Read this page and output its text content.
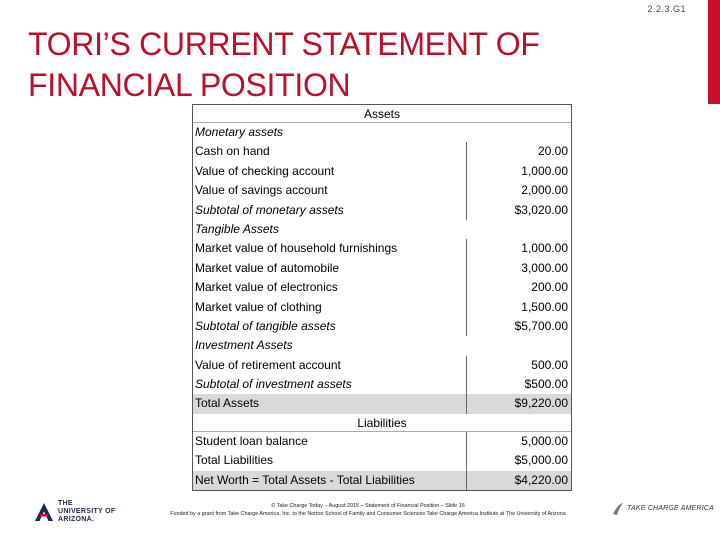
2.2.3.G1
TORI’S CURRENT STATEMENT OF FINANCIAL POSITION
Assets
Monetary assets
Cash on hand	20.00
Value of checking account	1,000.00
Value of savings account	2,000.00
Subtotal of monetary assets	$3,020.00
Tangible Assets
Market value of household furnishings	1,000.00
Market value of automobile	3,000.00
Market value of electronics	200.00
Market value of clothing	1,500.00
Subtotal of tangible assets	$5,700.00
Investment Assets
Value of retirement account	500.00
Subtotal of investment assets	$500.00
Total Assets	$9,220.00
Liabilities
Student loan balance	5,000.00
Total Liabilities	$5,000.00
Net Worth = Total Assets - Total Liabilities	$4,220.00
THE UNIVERSITY OF ARIZONA.
© Take Charge Today – August 2015 – Statement of Financial Position – Slide 16
Funded by a grant from Take Charge America, Inc. to the Norton School of Family and Consumer Sciences Take Charge America Institute at The University of Arizona
TAKE CHARGE AMERICA
